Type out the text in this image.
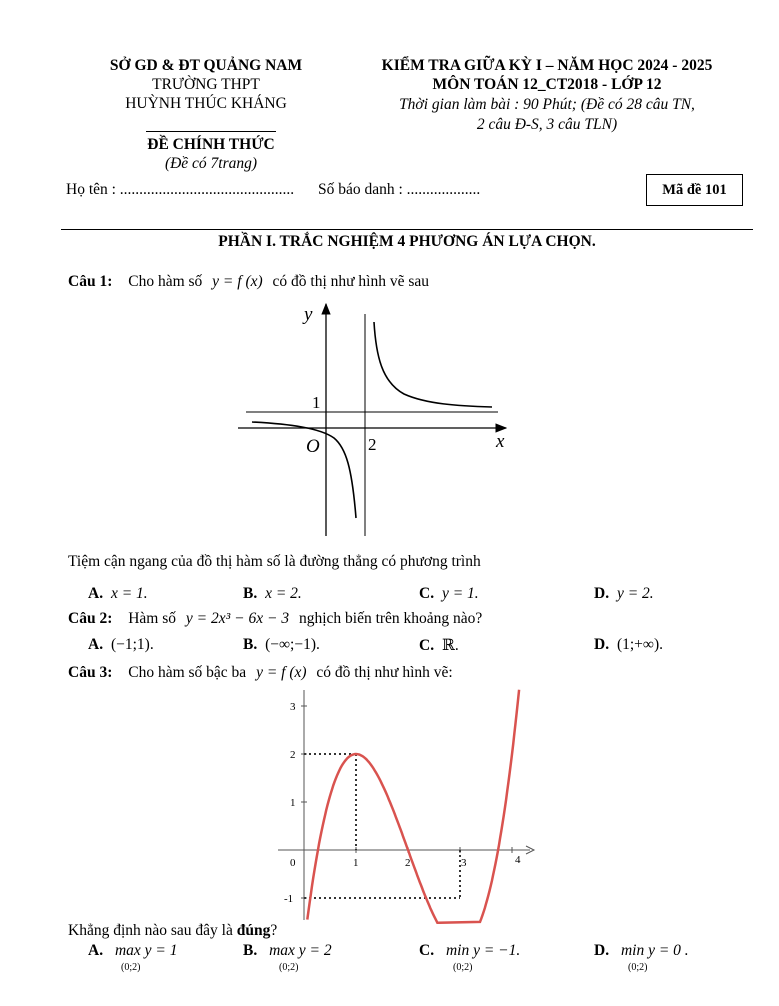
SỞ GD & ĐT QUẢNG NAM
TRƯỜNG THPT
HUỲNH THÚC KHÁNG
ĐỀ CHÍNH THỨC
(Đề có 7trang)
KIỂM TRA GIỮA KỲ I – NĂM HỌC 2024 - 2025
MÔN TOÁN 12_CT2018 - LỚP 12
Thời gian làm bài : 90 Phút; (Đề có 28 câu TN,
2 câu Đ-S, 3 câu TLN)
Họ tên : ............................................. Số báo danh : ...................	Mã đề 101
PHẦN I. TRẮC NGHIỆM 4 PHƯƠNG ÁN LỰA CHỌN.
Câu 1: Cho hàm số y = f (x) có đồ thị như hình vẽ sau
y
x
O	2
1
Tiệm cận ngang của đồ thị hàm số là đường thẳng có phương trình
A. x = 1.	B. x = 2.	C. y = 1.	D. y = 2.
Câu 2: Hàm số y = 2x³ − 6x − 3 nghịch biến trên khoảng nào?
A. (−1;1).	B. (−∞;−1).	C. ℝ.	D. (1;+∞).
Câu 3: Cho hàm số bậc ba y = f (x) có đồ thị như hình vẽ:
0	1	2	3	4
3
2
1
-1
Khẳng định nào sau đây là đúng?
A. max y = 1
(0;2)
B. max y = 2
(0;2)
C. min y = −1.
(0;2)
D. min y = 0 .
(0;2)
